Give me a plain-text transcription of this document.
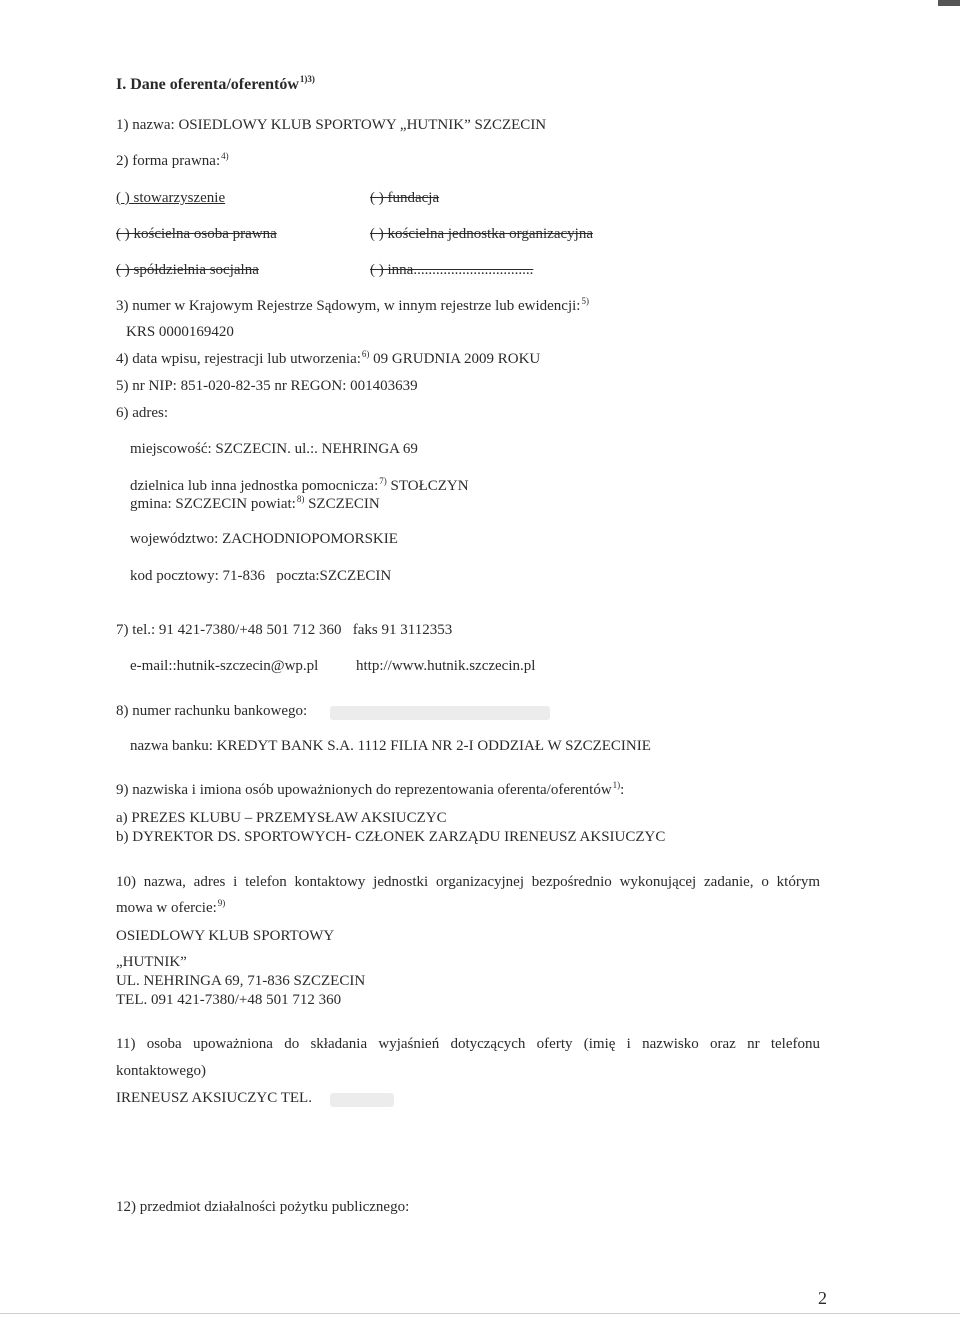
I. Dane oferenta/oferentów$^{1)3)}$
1) nazwa: OSIEDLOWY KLUB SPORTOWY „HUTNIK” SZCZECIN
2) forma prawna:$^{4)}$
( ) stowarzyszenie	( ) fundacja
( ) kościelna osoba prawna	( ) kościelna jednostka organizacyjna
( ) spółdzielnia socjalna	( ) inna................................
3) numer w Krajowym Rejestrze Sądowym, w innym rejestrze lub ewidencji:$^{5)}$
KRS 0000169420
4) data wpisu, rejestracji lub utworzenia:$^{6)}$ 09 GRUDNIA 2009 ROKU
5) nr NIP: 851-020-82-35 nr REGON: 001403639
6) adres:
miejscowość: SZCZECIN. ul.:. NEHRINGA 69
dzielnica lub inna jednostka pomocnicza:$^{7)}$ STOŁCZYN
gmina: SZCZECIN powiat:$^{8)}$ SZCZECIN
województwo: ZACHODNIOPOMORSKIE
kod pocztowy: 71-836   poczta:SZCZECIN
7) tel.: 91 421-7380/+48 501 712 360   faks 91 3112353
e-mail::hutnik-szczecin@wp.pl	http://www.hutnik.szczecin.pl
8) numer rachunku bankowego:
nazwa banku: KREDYT BANK S.A. 1112 FILIA NR 2-I ODDZIAŁ W SZCZECINIE
9) nazwiska i imiona osób upoważnionych do reprezentowania oferenta/oferentów$^{1)}$:
a) PREZES KLUBU – PRZEMYSŁAW AKSIUCZYC
b) DYREKTOR DS. SPORTOWYCH- CZŁONEK ZARZĄDU IRENEUSZ AKSIUCZYC
10) nazwa, adres i telefon kontaktowy jednostki organizacyjnej bezpośrednio wykonującej zadanie, o którym
mowa w ofercie:$^{9)}$
OSIEDLOWY KLUB SPORTOWY
„HUTNIK”
UL. NEHRINGA 69, 71-836 SZCZECIN
TEL. 091 421-7380/+48 501 712 360
11) osoba upoważniona do składania wyjaśnień dotyczących oferty (imię i nazwisko oraz nr telefonu
kontaktowego)
IRENEUSZ AKSIUCZYC TEL.
12) przedmiot działalności pożytku publicznego:
2
